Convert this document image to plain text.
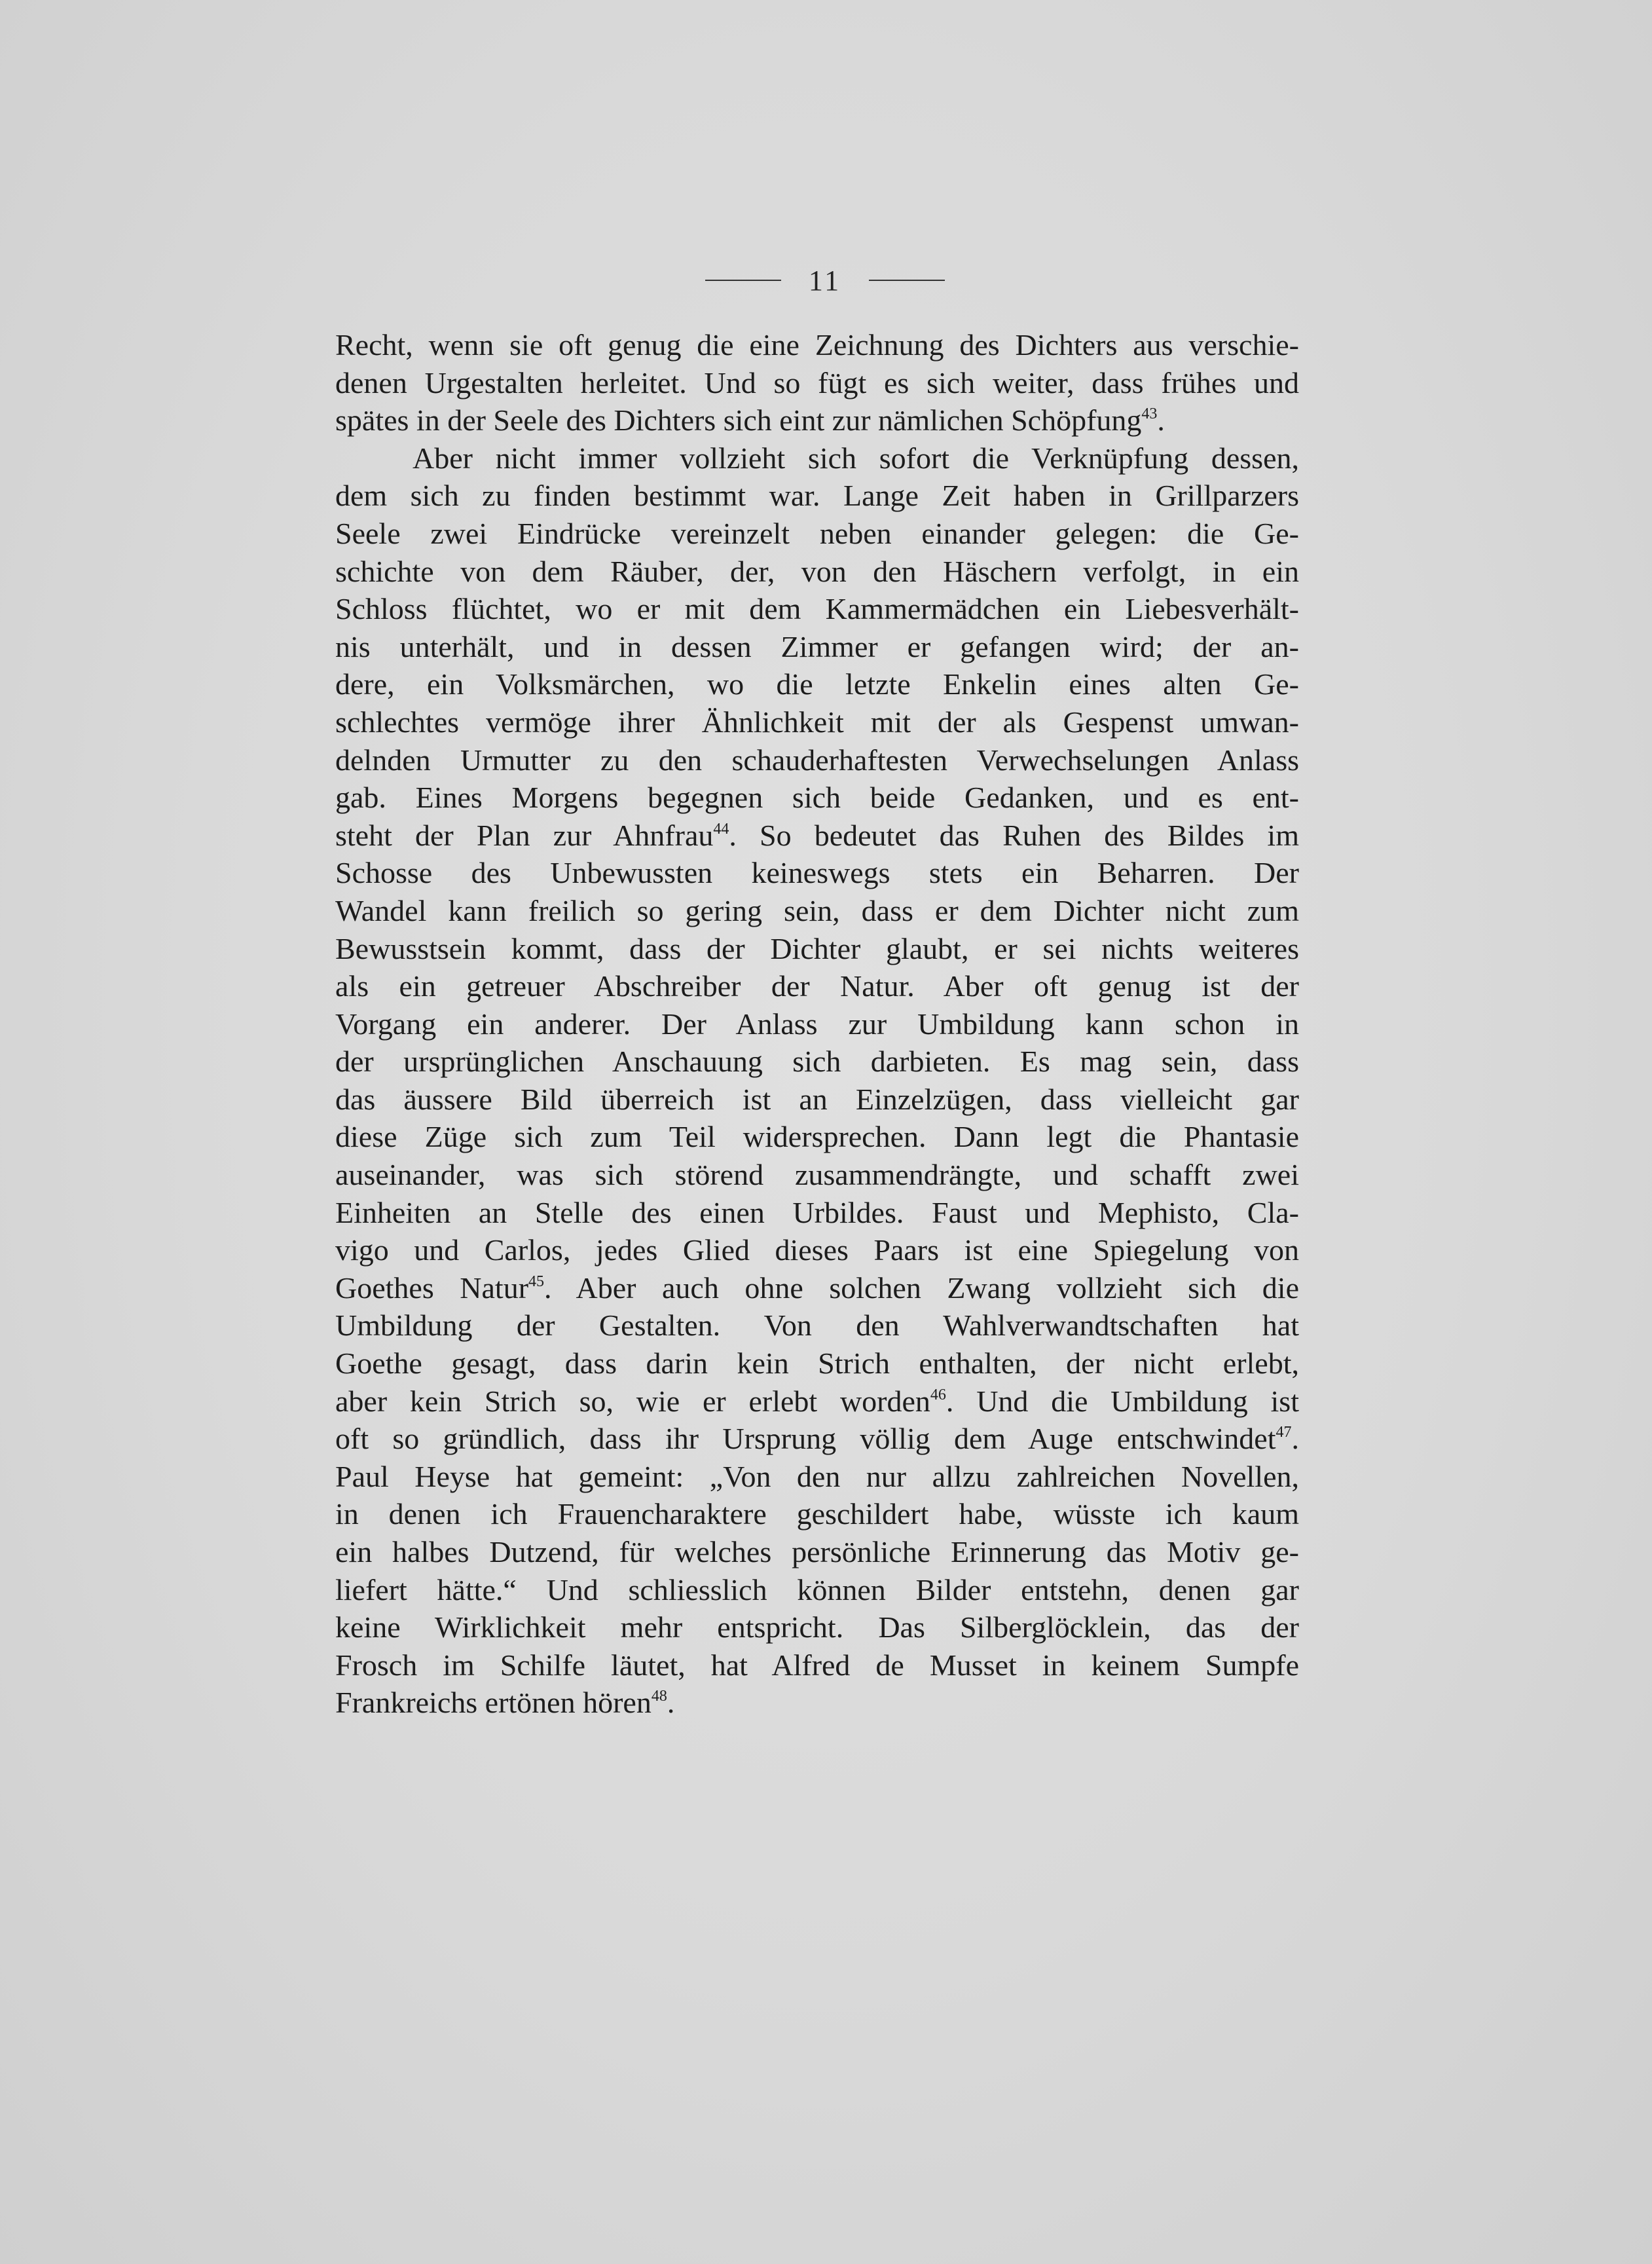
11
Recht, wenn sie oft genug die eine Zeichnung des Dichters aus verschie-
denen Urgestalten herleitet. Und so fügt es sich weiter, dass frühes und
spätes in der Seele des Dichters sich eint zur nämlichen Schöpfung$^{43}$.
Aber nicht immer vollzieht sich sofort die Verknüpfung dessen,
dem sich zu finden bestimmt war. Lange Zeit haben in Grillparzers
Seele zwei Eindrücke vereinzelt neben einander gelegen: die Ge-
schichte von dem Räuber, der, von den Häschern verfolgt, in ein
Schloss flüchtet, wo er mit dem Kammermädchen ein Liebesverhält-
nis unterhält, und in dessen Zimmer er gefangen wird; der an-
dere, ein Volksmärchen, wo die letzte Enkelin eines alten Ge-
schlechtes vermöge ihrer Ähnlichkeit mit der als Gespenst umwan-
delnden Urmutter zu den schauderhaftesten Verwechselungen Anlass
gab. Eines Morgens begegnen sich beide Gedanken, und es ent-
steht der Plan zur Ahnfrau$^{44}$. So bedeutet das Ruhen des Bildes im
Schosse des Unbewussten keineswegs stets ein Beharren. Der
Wandel kann freilich so gering sein, dass er dem Dichter nicht zum
Bewusstsein kommt, dass der Dichter glaubt, er sei nichts weiteres
als ein getreuer Abschreiber der Natur. Aber oft genug ist der
Vorgang ein anderer. Der Anlass zur Umbildung kann schon in
der ursprünglichen Anschauung sich darbieten. Es mag sein, dass
das äussere Bild überreich ist an Einzelzügen, dass vielleicht gar
diese Züge sich zum Teil widersprechen. Dann legt die Phantasie
auseinander, was sich störend zusammendrängte, und schafft zwei
Einheiten an Stelle des einen Urbildes. Faust und Mephisto, Cla-
vigo und Carlos, jedes Glied dieses Paars ist eine Spiegelung von
Goethes Natur$^{45}$. Aber auch ohne solchen Zwang vollzieht sich die
Umbildung der Gestalten. Von den Wahlverwandtschaften hat
Goethe gesagt, dass darin kein Strich enthalten, der nicht erlebt,
aber kein Strich so, wie er erlebt worden$^{46}$. Und die Umbildung ist
oft so gründlich, dass ihr Ursprung völlig dem Auge entschwindet$^{47}$.
Paul Heyse hat gemeint: „Von den nur allzu zahlreichen Novellen,
in denen ich Frauencharaktere geschildert habe, wüsste ich kaum
ein halbes Dutzend, für welches persönliche Erinnerung das Motiv ge-
liefert hätte.“ Und schliesslich können Bilder entstehn, denen gar
keine Wirklichkeit mehr entspricht. Das Silberglöcklein, das der
Frosch im Schilfe läutet, hat Alfred de Musset in keinem Sumpfe
Frankreichs ertönen hören$^{48}$.
